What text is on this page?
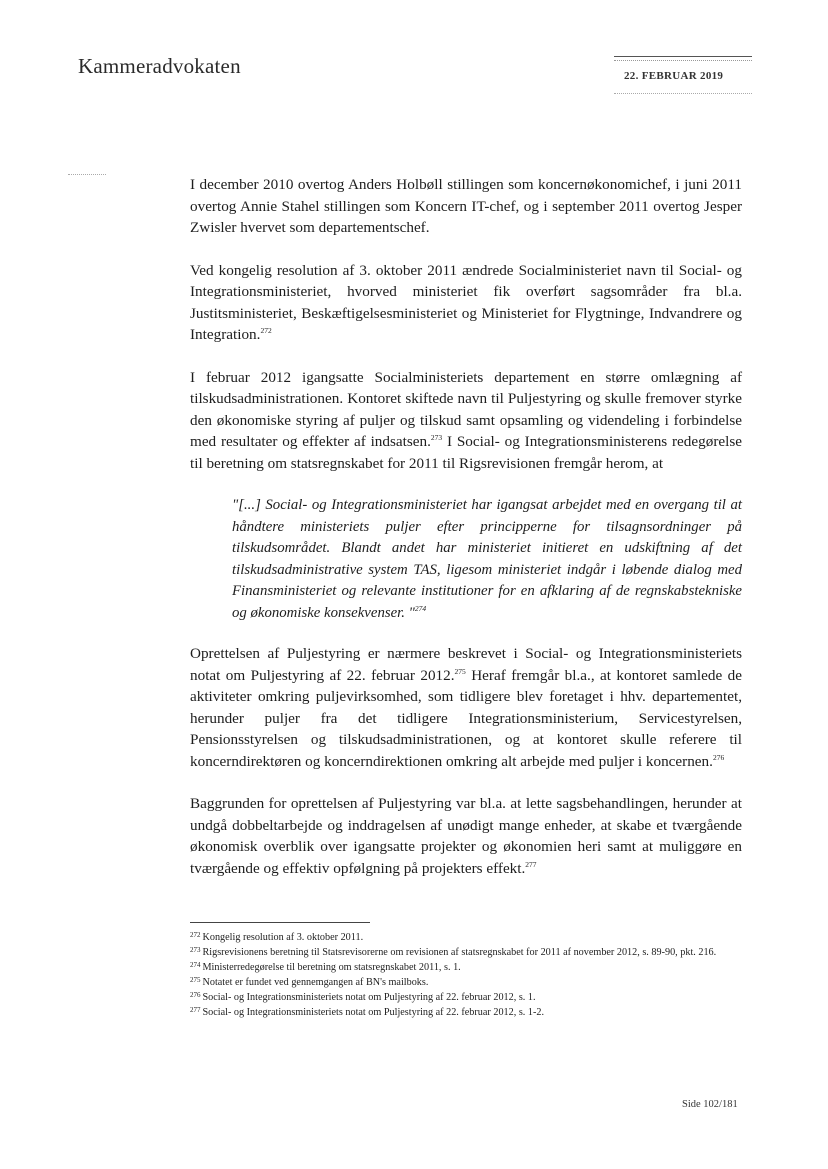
Kammeradvokaten	22. FEBRUAR 2019

I december 2010 overtog Anders Holbøll stillingen som koncernøkonomichef, i juni 2011 overtog Annie Stahel stillingen som Koncern IT-chef, og i september 2011 overtog Jesper Zwisler hvervet som departementschef.

Ved kongelig resolution af 3. oktober 2011 ændrede Socialministeriet navn til Social- og Integrationsministeriet, hvorved ministeriet fik overført sagsområder fra bl.a. Justitsministeriet, Beskæftigelsesministeriet og Ministeriet for Flygtninge, Indvandrere og Integration.$^{272}$

I februar 2012 igangsatte Socialministeriets departement en større omlægning af tilskudsadministrationen. Kontoret skiftede navn til Puljestyring og skulle fremover styrke den økonomiske styring af puljer og tilskud samt opsamling og videndeling i forbindelse med resultater og effekter af indsatsen.$^{273}$ I Social- og Integrationsministerens redegørelse til beretning om statsregnskabet for 2011 til Rigsrevisionen fremgår herom, at

"[...] Social- og Integrationsministeriet har igangsat arbejdet med en overgang til at håndtere ministeriets puljer efter principperne for tilsagnsordninger på tilskudsområdet. Blandt andet har ministeriet initieret en udskiftning af det tilskudsadministrative system TAS, ligesom ministeriet indgår i løbende dialog med Finansministeriet og relevante institutioner for en afklaring af de regnskabstekniske og økonomiske konsekvenser. "$^{274}$

Oprettelsen af Puljestyring er nærmere beskrevet i Social- og Integrationsministeriets notat om Puljestyring af 22. februar 2012.$^{275}$ Heraf fremgår bl.a., at kontoret samlede de aktiviteter omkring puljevirksomhed, som tidligere blev foretaget i hhv. departementet, herunder puljer fra det tidligere Integrationsministerium, Servicestyrelsen, Pensionsstyrelsen og tilskudsadministrationen, og at kontoret skulle referere til koncerndirektøren og koncerndirektionen omkring alt arbejde med puljer i koncernen.$^{276}$

Baggrunden for oprettelsen af Puljestyring var bl.a. at lette sagsbehandlingen, herunder at undgå dobbeltarbejde og inddragelsen af unødigt mange enheder, at skabe et tværgående økonomisk overblik over igangsatte projekter og økonomien heri samt at muliggøre en tværgående og effektiv opfølgning på projekters effekt.$^{277}$

$^{272}$ Kongelig resolution af 3. oktober 2011.

$^{273}$ Rigsrevisionens beretning til Statsrevisorerne om revisionen af statsregnskabet for 2011 af november 2012, s. 89-90, pkt. 216.

$^{274}$ Ministerredegørelse til beretning om statsregnskabet 2011, s. 1.

$^{275}$ Notatet er fundet ved gennemgangen af BN's mailboks.

$^{276}$ Social- og Integrationsministeriets notat om Puljestyring af 22. februar 2012, s. 1.

$^{277}$ Social- og Integrationsministeriets notat om Puljestyring af 22. februar 2012, s. 1-2.

Side 102/181
